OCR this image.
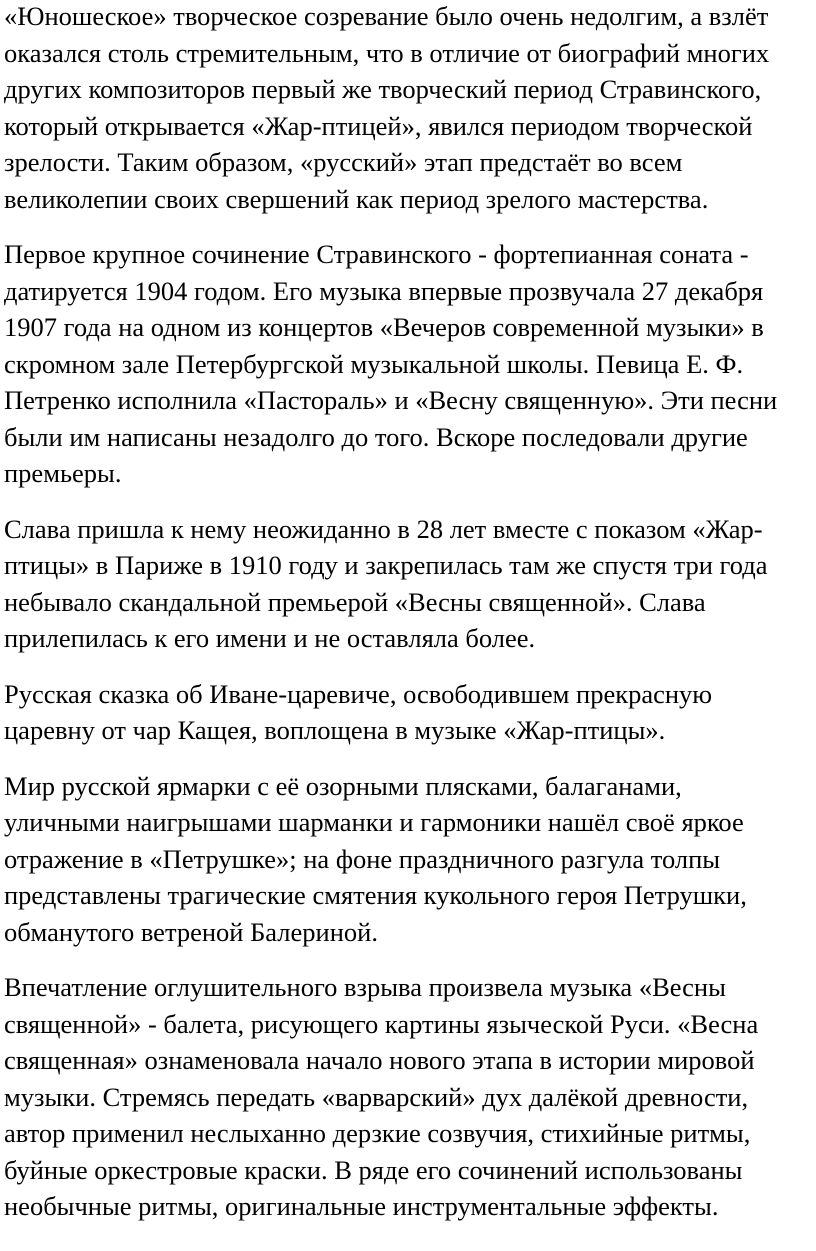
«Юношеское» творческое созревание было очень недолгим, а взлёт
оказался столь стремительным, что в отличие от биографий многих
других композиторов первый же творческий период Стравинского,
который открывается «Жар-птицей», явился периодом творческой
зрелости. Таким образом, «русский» этап предстаёт во всем
великолепии своих свершений как период зрелого мастерства.

Первое крупное сочинение Стравинского - фортепианная соната -
датируется 1904 годом. Его музыка впервые прозвучала 27 декабря
1907 года на одном из концертов «Вечеров современной музыки» в
скромном зале Петербургской музыкальной школы. Певица Е. Ф.
Петренко исполнила «Пастораль» и «Весну священную». Эти песни
были им написаны незадолго до того. Вскоре последовали другие
премьеры.

Слава пришла к нему неожиданно в 28 лет вместе с показом «Жар-
птицы» в Париже в 1910 году и закрепилась там же спустя три года
небывало скандальной премьерой «Весны священной». Слава
прилепилась к его имени и не оставляла более.

Русская сказка об Иване-царевиче, освободившем прекрасную
царевну от чар Кащея, воплощена в музыке «Жар-птицы».

Мир русской ярмарки с её озорными плясками, балаганами,
уличными наигрышами шарманки и гармоники нашёл своё яркое
отражение в «Петрушке»; на фоне праздничного разгула толпы
представлены трагические смятения кукольного героя Петрушки,
обманутого ветреной Балериной.

Впечатление оглушительного взрыва произвела музыка «Весны
священной» - балета, рисующего картины языческой Руси. «Весна
священная» ознаменовала начало нового этапа в истории мировой
музыки. Стремясь передать «варварский» дух далёкой древности,
автор применил неслыханно дерзкие созвучия, стихийные ритмы,
буйные оркестровые краски. В ряде его сочинений использованы
необычные ритмы, оригинальные инструментальные эффекты.
